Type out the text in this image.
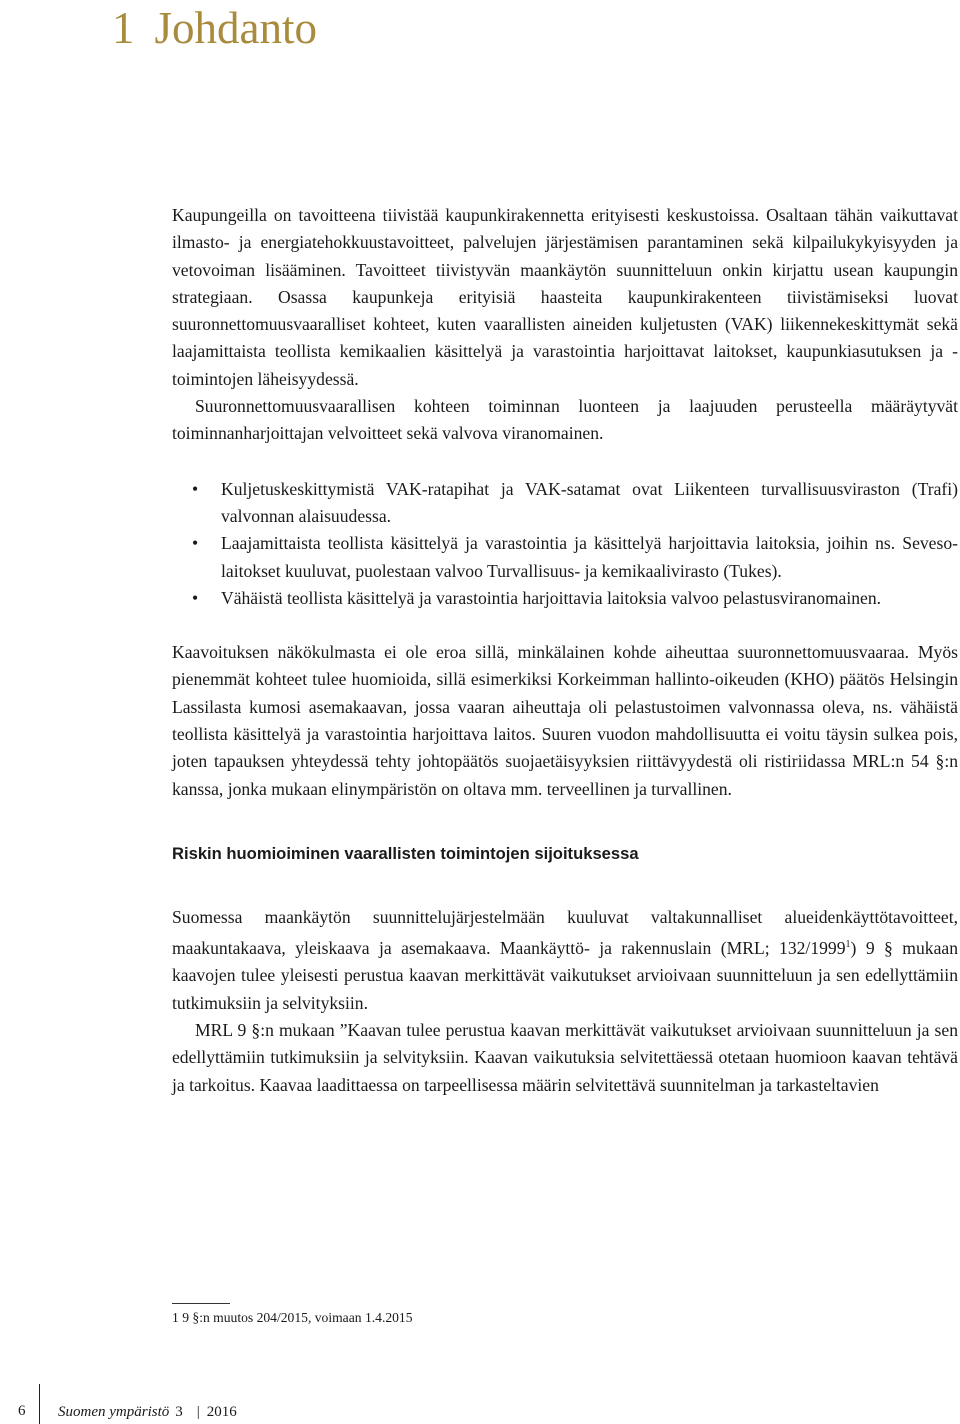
1 Johdanto

Kaupungeilla on tavoitteena tiivistää kaupunkirakennetta erityisesti keskustoissa. Osaltaan tähän vaikuttavat ilmasto- ja energiatehokkuustavoitteet, palvelujen järjestämisen parantaminen sekä kilpailukykyisyyden ja vetovoiman lisääminen. Tavoitteet tiivistyvän maankäytön suunnitteluun onkin kirjattu usean kaupungin strategiaan. Osassa kaupunkeja erityisiä haasteita kaupunkirakenteen tiivistämiseksi luovat suuronnettomuusvaaralliset kohteet, kuten vaarallisten aineiden kuljetusten (VAK) liikennekeskittymät sekä laajamittaista teollista kemikaalien käsittelyä ja varastointia harjoittavat laitokset, kaupunkiasutuksen ja -toimintojen läheisyydessä.

Suuronnettomuusvaarallisen kohteen toiminnan luonteen ja laajuuden perusteella määräytyvät toiminnanharjoittajan velvoitteet sekä valvova viranomainen.

• Kuljetuskeskittymistä VAK-ratapihat ja VAK-satamat ovat Liikenteen turvallisuusviraston (Trafi) valvonnan alaisuudessa.
• Laajamittaista teollista käsittelyä ja varastointia ja käsittelyä harjoittavia laitoksia, joihin ns. Seveso-laitokset kuuluvat, puolestaan valvoo Turvallisuus- ja kemikaalivirasto (Tukes).
• Vähäistä teollista käsittelyä ja varastointia harjoittavia laitoksia valvoo pelastusviranomainen.

Kaavoituksen näkökulmasta ei ole eroa sillä, minkälainen kohde aiheuttaa suuronnettomuusvaaraa. Myös pienemmät kohteet tulee huomioida, sillä esimerkiksi Korkeimman hallinto-oikeuden (KHO) päätös Helsingin Lassilasta kumosi asemakaavan, jossa vaaran aiheuttaja oli pelastustoimen valvonnassa oleva, ns. vähäistä teollista käsittelyä ja varastointia harjoittava laitos. Suuren vuodon mahdollisuutta ei voitu täysin sulkea pois, joten tapauksen yhteydessä tehty johtopäätös suojaetäisyyksien riittävyydestä oli ristiriidassa MRL:n 54 §:n kanssa, jonka mukaan elinympäristön on oltava mm. terveellinen ja turvallinen.

Riskin huomioiminen vaarallisten toimintojen sijoituksessa

Suomessa maankäytön suunnittelujärjestelmään kuuluvat valtakunnalliset alueidenkäyttötavoitteet, maakuntakaava, yleiskaava ja asemakaava. Maankäyttö- ja rakennuslain (MRL; 132/1999$^1$) 9 § mukaan kaavojen tulee yleisesti perustua kaavan merkittävät vaikutukset arvioivaan suunnitteluun ja sen edellyttämiin tutkimuksiin ja selvityksiin.

MRL 9 §:n mukaan ”Kaavan tulee perustua kaavan merkittävät vaikutukset arvioivaan suunnitteluun ja sen edellyttämiin tutkimuksiin ja selvityksiin. Kaavan vaikutuksia selvitettäessä otetaan huomioon kaavan tehtävä ja tarkoitus. Kaavaa laadittaessa on tarpeellisessa määrin selvitettävä suunnitelman ja tarkasteltavien

1 9 §:n muutos 204/2015, voimaan 1.4.2015
6 Suomen ympäristö 3 | 2016
